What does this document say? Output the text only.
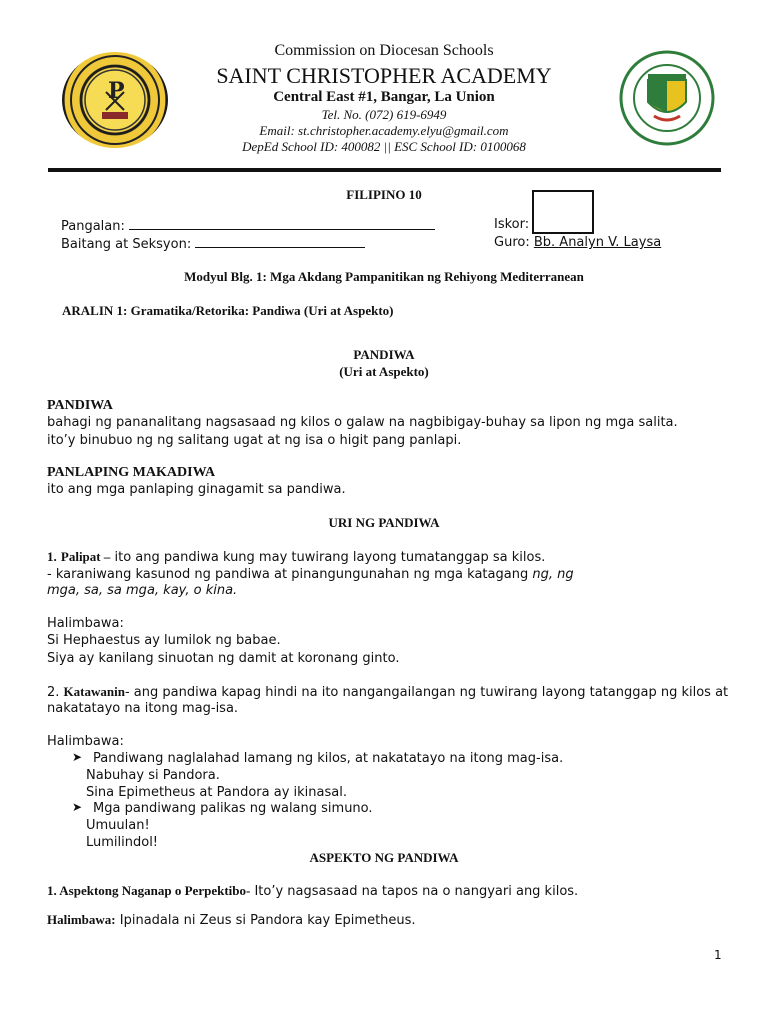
P
Commission on Diocesan Schools
SAINT CHRISTOPHER ACADEMY
Central East #1, Bangar, La Union
Tel. No. (072) 619-6949
Email: st.christopher.academy.elyu@gmail.com
DepEd School ID: 400082 || ESC School ID: 0100068
FILIPINO 10
Pangalan:
Baitang at Seksyon:
Iskor:
Guro: Bb. Analyn V. Laysa
Modyul Blg. 1: Mga Akdang Pampanitikan ng Rehiyong Mediterranean
ARALIN 1: Gramatika/Retorika: Pandiwa (Uri at Aspekto)
PANDIWA
(Uri at Aspekto)
PANDIWA
bahagi ng pananalitang nagsasaad ng kilos o galaw na nagbibigay-buhay sa lipon ng mga salita.
ito’y binubuo ng ng salitang ugat at ng isa o higit pang panlapi.
PANLAPING MAKADIWA
ito ang mga panlaping ginagamit sa pandiwa.
URI NG PANDIWA
1. Palipat – ito ang pandiwa kung may tuwirang layong tumatanggap sa kilos.
- karaniwang kasunod ng pandiwa at pinangungunahan ng mga katagang ng, ng
mga, sa, sa mga, kay, o kina.
Halimbawa:
Si Hephaestus ay lumilok ng babae.
Siya ay kanilang sinuotan ng damit at koronang ginto.
2. Katawanin- ang pandiwa kapag hindi na ito nangangailangan ng tuwirang layong tatanggap ng kilos at
nakatatayo na itong mag-isa.
Halimbawa:
➤ Pandiwang naglalahad lamang ng kilos, at nakatatayo na itong mag-isa.
Nabuhay si Pandora.
Sina Epimetheus at Pandora ay ikinasal.
➤ Mga pandiwang palikas ng walang simuno.
Umuulan!
Lumilindol!
ASPEKTO NG PANDIWA
1. Aspektong Naganap o Perpektibo- Ito’y nagsasaad na tapos na o nangyari ang kilos.
Halimbawa: Ipinadala ni Zeus si Pandora kay Epimetheus.
1
